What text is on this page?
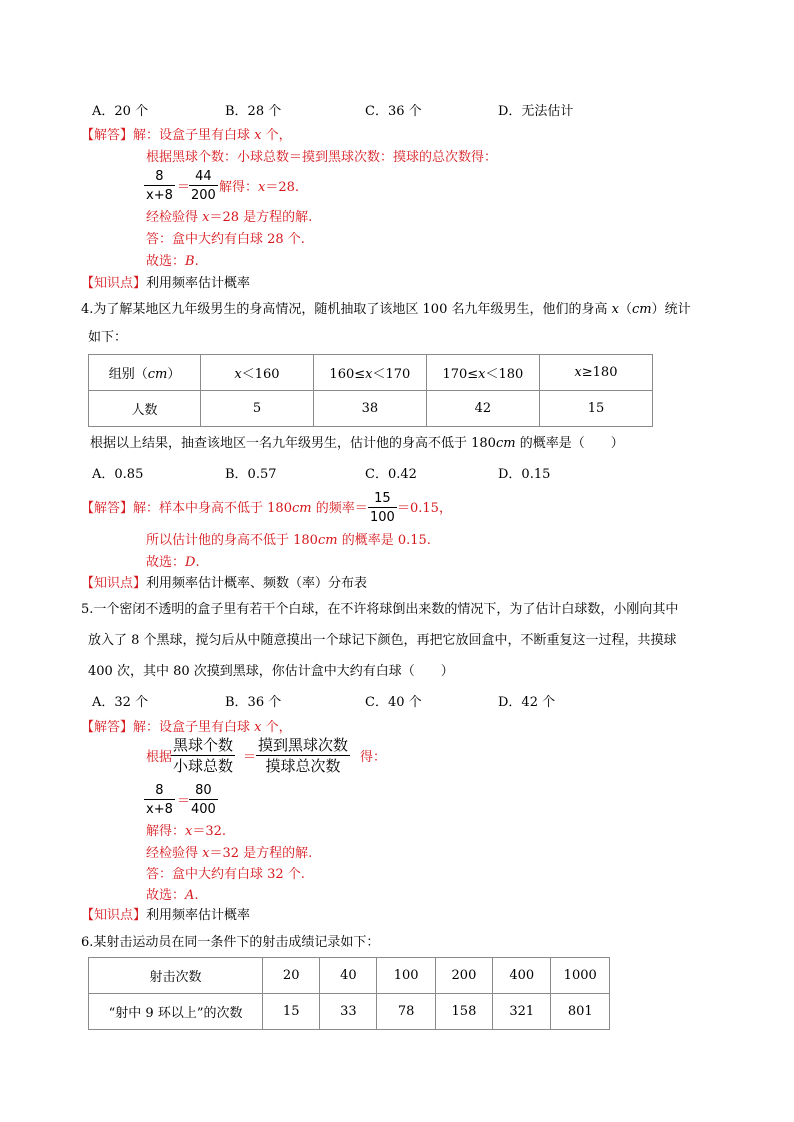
A．20 个	B．28 个	C．36 个	D．无法估计
【解答】解：设盒子里有白球 x 个，
根据黑球个数：小球总数＝摸到黑球次数：摸球的总次数得：
$\frac{8}{x+8}$ ＝
$\frac{44}{200}$ 解得：x＝28.
经检验得 x＝28 是方程的解.
答：盒中大约有白球 28 个.
故选：B.
【知识点】利用频率估计概率
4.为了解某地区九年级男生的身高情况，随机抽取了该地区 100 名九年级男生，他们的身高 x（cm）统计
如下：
组别（cm）	x＜160	160≤x＜170	170≤x＜180	x≥180
人数	5	38	42	15
根据以上结果，抽查该地区一名九年级男生，估计他的身高不低于 180cm 的概率是（　　）
A．0.85	B．0.57	C．0.42	D．0.15
【解答】解：样本中身高不低于 180cm 的频率＝ $\frac{15}{100} =0.15$，
所以估计他的身高不低于 180cm 的概率是 0.15.
故选：D.
【知识点】利用频率估计概率、频数（率）分布表
5.一个密闭不透明的盒子里有若干个白球，在不许将球倒出来数的情况下，为了估计白球数，小刚向其中
放入了 8 个黑球，搅匀后从中随意摸出一个球记下颜色，再把它放回盒中，不断重复这一过程，共摸球
400 次，其中 80 次摸到黑球，你估计盒中大约有白球（　　）
A．32 个	B．36 个	C．40 个	D．42 个
【解答】解：设盒子里有白球 x 个，
根据
黑球个数
小球总数 ＝
摸到黑球次数
摸球总次数	得：
$\frac{8}{x+8}$ ＝
$\frac{80}{400}$
解得：x＝32.
经检验得 x＝32 是方程的解.
答：盒中大约有白球 32 个.
故选：A.
【知识点】利用频率估计概率
6.某射击运动员在同一条件下的射击成绩记录如下：
射击次数	20	40	100	200	400	1000
“射中 9 环以上”的次数	15	33	78	158	321	801
